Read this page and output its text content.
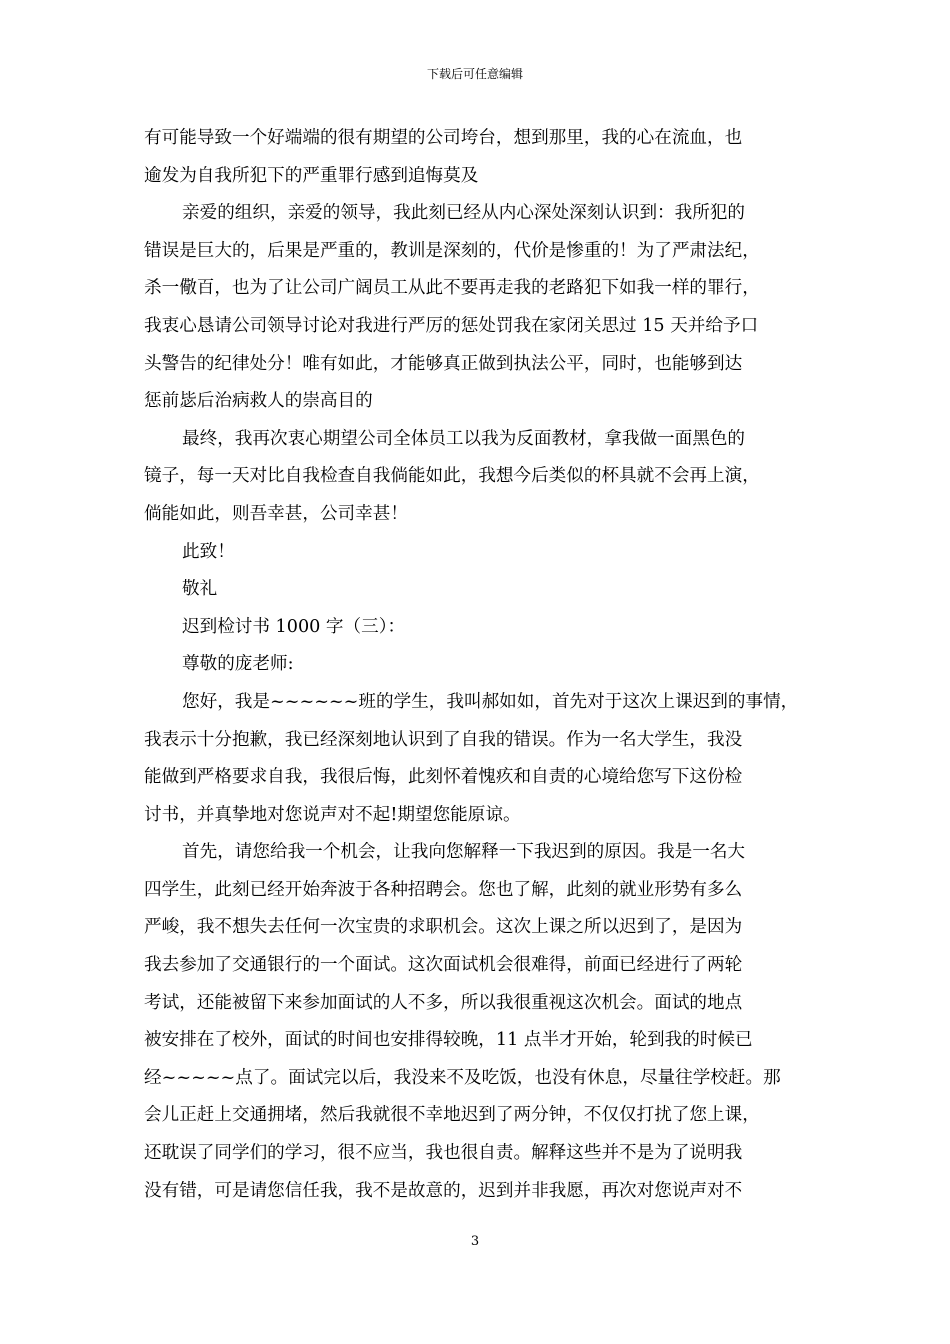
下载后可任意编辑
有可能导致一个好端端的很有期望的公司垮台，想到那里，我的心在流血，也
逾发为自我所犯下的严重罪行感到追悔莫及
亲爱的组织，亲爱的领导，我此刻已经从内心深处深刻认识到：我所犯的
错误是巨大的，后果是严重的，教训是深刻的，代价是惨重的！为了严肃法纪，
杀一儆百，也为了让公司广阔员工从此不要再走我的老路犯下如我一样的罪行，
我衷心恳请公司领导讨论对我进行严厉的惩处罚我在家闭关思过 15 天并给予口
头警告的纪律处分！唯有如此，才能够真正做到执法公平，同时，也能够到达
惩前毖后治病救人的崇高目的
最终，我再次衷心期望公司全体员工以我为反面教材，拿我做一面黑色的
镜子，每一天对比自我检查自我倘能如此，我想今后类似的杯具就不会再上演，
倘能如此，则吾幸甚，公司幸甚！
此致！
敬礼
迟到检讨书 1000 字（三）：
尊敬的庞老师:
您好，我是~~~~~~班的学生，我叫郝如如，首先对于这次上课迟到的事情，
我表示十分抱歉，我已经深刻地认识到了自我的错误。作为一名大学生，我没
能做到严格要求自我，我很后悔，此刻怀着愧疚和自责的心境给您写下这份检
讨书，并真挚地对您说声对不起!期望您能原谅。
首先，请您给我一个机会，让我向您解释一下我迟到的原因。我是一名大
四学生，此刻已经开始奔波于各种招聘会。您也了解，此刻的就业形势有多么
严峻，我不想失去任何一次宝贵的求职机会。这次上课之所以迟到了，是因为
我去参加了交通银行的一个面试。这次面试机会很难得，前面已经进行了两轮
考试，还能被留下来参加面试的人不多，所以我很重视这次机会。面试的地点
被安排在了校外，面试的时间也安排得较晚，11 点半才开始，轮到我的时候已
经~~~~~点了。面试完以后，我没来不及吃饭，也没有休息，尽量往学校赶。那
会儿正赶上交通拥堵，然后我就很不幸地迟到了两分钟，不仅仅打扰了您上课，
还耽误了同学们的学习，很不应当，我也很自责。解释这些并不是为了说明我
没有错，可是请您信任我，我不是故意的，迟到并非我愿，再次对您说声对不
3
